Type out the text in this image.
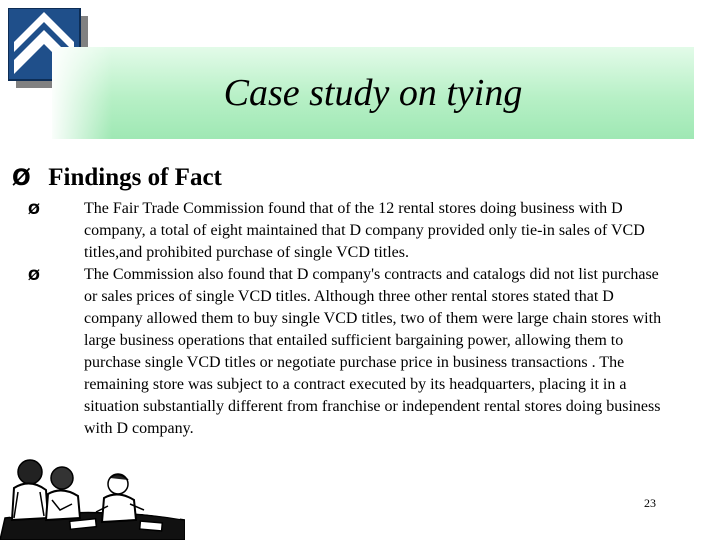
Case study on tying
Ø Findings of Fact
Ø	The Fair Trade Commission found that of the 12 rental stores doing business with D company, a total of eight maintained that D company provided only tie-in sales of VCD titles,and prohibited purchase of single VCD titles.
Ø	The Commission also found that D company's contracts and catalogs did not list purchase or sales prices of single VCD titles. Although three other rental stores stated that D company allowed them to buy single VCD titles, two of them were large chain stores with large business operations that entailed sufficient bargaining power, allowing them to purchase single VCD titles or negotiate purchase price in business transactions . The remaining store was subject to a contract executed by its headquarters, placing it in a situation substantially different from franchise or independent rental stores doing business with D company.
23
